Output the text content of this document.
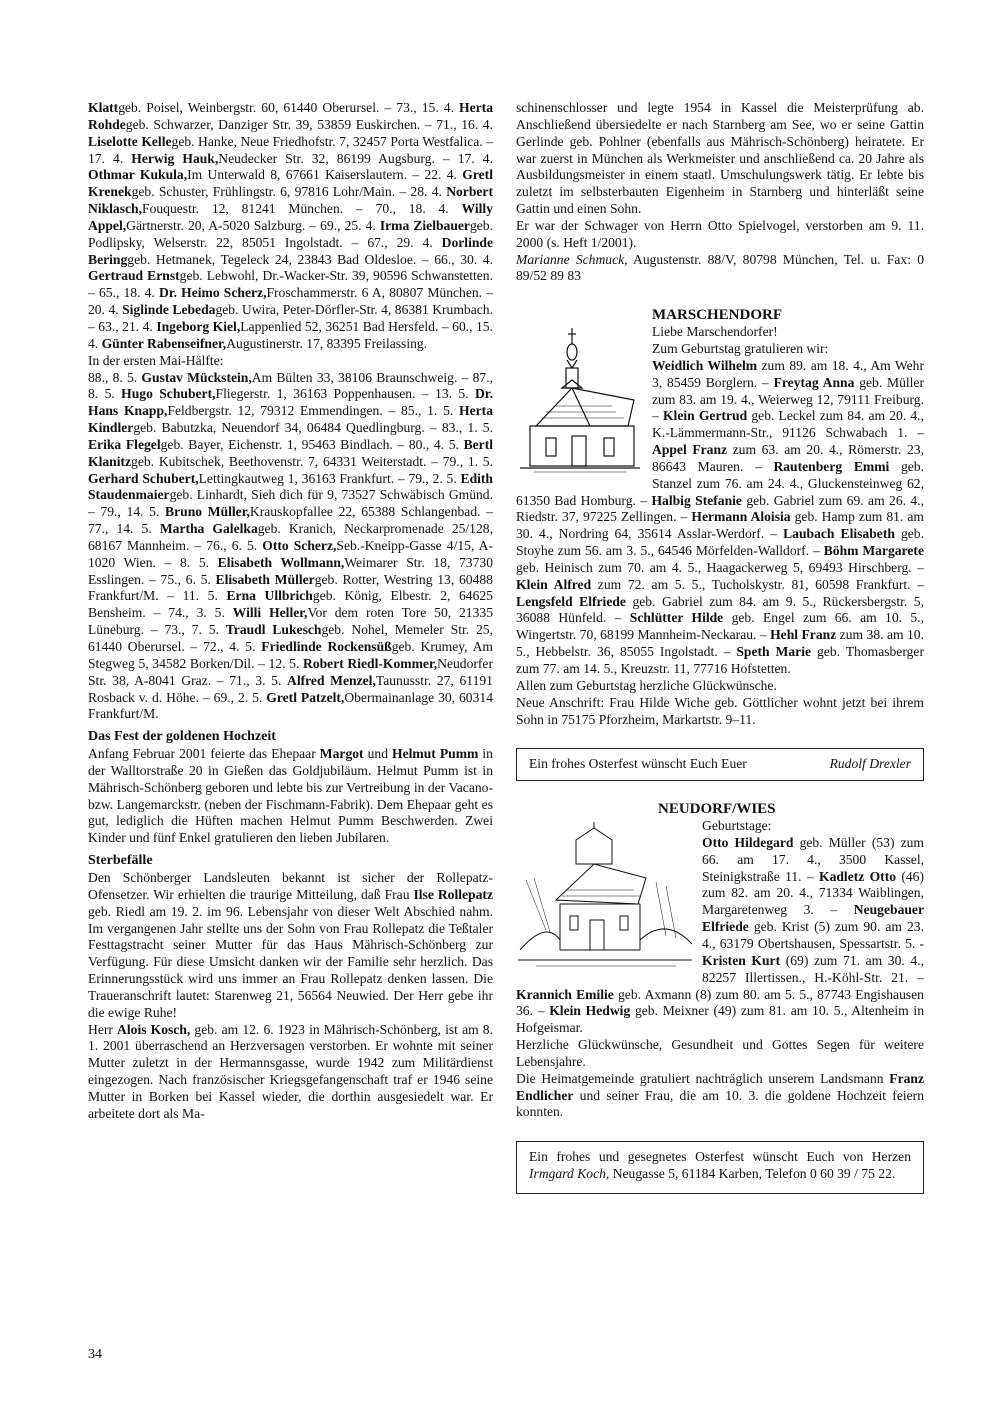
Klattgeb. Poisel, Weinbergstr. 60, 61440 Oberursel. – 73., 15. 4. Herta Rohdegeb. Schwarzer, Danziger Str. 39, 53859 Euskirchen. – 71., 16. 4. Liselotte Kellegeb. Hanke, Neue Friedhofstr. 7, 32457 Porta Westfalica. – 17. 4. Herwig Hauk,Neudecker Str. 32, 86199 Augsburg. – 17. 4. Othmar Kukula,Im Unterwald 8, 67661 Kaiserslautern. – 22. 4. Gretl Krenekgeb. Schuster, Frühlingstr. 6, 97816 Lohr/Main. – 28. 4. Norbert Niklasch,Fouquestr. 12, 81241 München. – 70., 18. 4. Willy Appel,Gärtnerstr. 20, A-5020 Salzburg. – 69., 25. 4. Irma Zielbauergeb. Podlipsky, Welserstr. 22, 85051 Ingolstadt. – 67., 29. 4. Dorlinde Beringgeb. Hetmanek, Tegeleck 24, 23843 Bad Oldesloe. – 66., 30. 4. Gertraud Ernstgeb. Lebwohl, Dr.-Wacker-Str. 39, 90596 Schwanstetten. – 65., 18. 4. Dr. Heimo Scherz,Froschammerstr. 6 A, 80807 München. – 20. 4. Siglinde Lebedageb. Uwira, Peter-Dörfler-Str. 4, 86381 Krumbach. – 63., 21. 4. Ingeborg Kiel,Lappenlied 52, 36251 Bad Hersfeld. – 60., 15. 4. Günter Rabenseifner,Augustinerstr. 17, 83395 Freilassing.

In der ersten Mai-Hälfte:

88., 8. 5. Gustav Mückstein,Am Bülten 33, 38106 Braunschweig. – 87., 8. 5. Hugo Schubert,Fliegerstr. 1, 36163 Poppenhausen. – 13. 5. Dr. Hans Knapp,Feldbergstr. 12, 79312 Emmendingen. – 85., 1. 5. Herta Kindlergeb. Babutzka, Neuendorf 34, 06484 Quedlingburg. – 83., 1. 5. Erika Flegelgeb. Bayer, Eichenstr. 1, 95463 Bindlach. – 80., 4. 5. Bertl Klanitzgeb. Kubitschek, Beethovenstr. 7, 64331 Weiterstadt. – 79., 1. 5. Gerhard Schubert,Lettingkautweg 1, 36163 Frankfurt. – 79., 2. 5. Edith Staudenmaiergeb. Linhardt, Sieh dich für 9, 73527 Schwäbisch Gmünd. – 79., 14. 5. Bruno Müller,Krauskopfallee 22, 65388 Schlangenbad. – 77., 14. 5. Martha Galelkageb. Kranich, Neckarpromenade 25/128, 68167 Mannheim. – 76., 6. 5. Otto Scherz,Seb.-Kneipp-Gasse 4/15, A-1020 Wien. – 8. 5. Elisabeth Wollmann,Weimarer Str. 18, 73730 Esslingen. – 75., 6. 5. Elisabeth Müllergeb. Rotter, Westring 13, 60488 Frankfurt/M. – 11. 5. Erna Ullbrichgeb. König, Elbestr. 2, 64625 Bensheim. – 74., 3. 5. Willi Heller,Vor dem roten Tore 50, 21335 Lüneburg. – 73., 7. 5. Traudl Lukeschgeb. Nohel, Memeler Str. 25, 61440 Oberursel. – 72., 4. 5. Friedlinde Rockensüßgeb. Krumey, Am Stegweg 5, 34582 Borken/Dil. – 12. 5. Robert Riedl-Kommer,Neudorfer Str. 38, A-8041 Graz. – 71., 3. 5. Alfred Menzel,Taunusstr. 27, 61191 Rosback v. d. Höhe. – 69., 2. 5. Gretl Patzelt,Obermainanlage 30, 60314 Frankfurt/M.

Das Fest der goldenen Hochzeit

Anfang Februar 2001 feierte das Ehepaar Margot und Helmut Pumm in der Walltorstraße 20 in Gießen das Goldjubiläum. Helmut Pumm ist in Mährisch-Schönberg geboren und lebte bis zur Vertreibung in der Vacano- bzw. Langemarckstr. (neben der Fischmann-Fabrik). Dem Ehepaar geht es gut, lediglich die Hüften machen Helmut Pumm Beschwerden. Zwei Kinder und fünf Enkel gratulieren den lieben Jubilaren.

Sterbefälle

Den Schönberger Landsleuten bekannt ist sicher der Rollepatz-Ofensetzer. Wir erhielten die traurige Mitteilung, daß Frau Ilse Rollepatz geb. Riedl am 19. 2. im 96. Lebensjahr von dieser Welt Abschied nahm. Im vergangenen Jahr stellte uns der Sohn von Frau Rollepatz die Teßtaler Festtagstracht seiner Mutter für das Haus Mährisch-Schönberg zur Verfügung. Für diese Umsicht danken wir der Familie sehr herzlich. Das Erinnerungsstück wird uns immer an Frau Rollepatz denken lassen. Die Traueranschrift lautet: Starenweg 21, 56564 Neuwied. Der Herr gebe ihr die ewige Ruhe!

Herr Alois Kosch, geb. am 12. 6. 1923 in Mährisch-Schönberg, ist am 8. 1. 2001 überraschend an Herzversagen verstorben. Er wohnte mit seiner Mutter zuletzt in der Hermannsgasse, wurde 1942 zum Militärdienst eingezogen. Nach französischer Kriegsgefangenschaft traf er 1946 seine Mutter in Borken bei Kassel wieder, die dorthin ausgesiedelt war. Er arbeitete dort als Ma-

schinenschlosser und legte 1954 in Kassel die Meisterprüfung ab. Anschließend übersiedelte er nach Starnberg am See, wo er seine Gattin Gerlinde geb. Pohlner (ebenfalls aus Mährisch-Schönberg) heiratete. Er war zuerst in München als Werkmeister und anschließend ca. 20 Jahre als Ausbildungsmeister in einem staatl. Umschulungswerk tätig. Er lebte bis zuletzt im selbsterbauten Eigenheim in Starnberg und hinterläßt seine Gattin und einen Sohn.

Er war der Schwager von Herrn Otto Spielvogel, verstorben am 9. 11. 2000 (s. Heft 1/2001).

Marianne Schmuck, Augustenstr. 88/V, 80798 München, Tel. u. Fax: 0 89/52 89 83

MARSCHENDORF

Liebe Marschendorfer!

Zum Geburtstag gratulieren wir:

Weidlich Wilhelm zum 89. am 18. 4., Am Wehr 3, 85459 Borglern. – Freytag Anna geb. Müller zum 83. am 19. 4., Weierweg 12, 79111 Freiburg. – Klein Gertrud geb. Leckel zum 84. am 20. 4., K.-Lämmermann-Str., 91126 Schwabach 1. – Appel Franz zum 63. am 20. 4., Römerstr. 23, 86643 Mauren. – Rautenberg Emmi geb. Stanzel zum 76. am 24. 4., Gluckensteinweg 62, 61350 Bad Homburg. – Halbig Stefanie geb. Gabriel zum 69. am 26. 4., Riedstr. 37, 97225 Zellingen. – Hermann Aloisia geb. Hamp zum 81. am 30. 4., Nordring 64, 35614 Asslar-Werdorf. – Laubach Elisabeth geb. Stoyhe zum 56. am 3. 5., 64546 Mörfelden-Walldorf. – Böhm Margarete geb. Heinisch zum 70. am 4. 5., Haagackerweg 5, 69493 Hirschberg. – Klein Alfred zum 72. am 5. 5., Tucholskystr. 81, 60598 Frankfurt. – Lengsfeld Elfriede geb. Gabriel zum 84. am 9. 5., Rückersbergstr. 5, 36088 Hünfeld. – Schlütter Hilde geb. Engel zum 66. am 10. 5., Wingertstr. 70, 68199 Mannheim-Neckarau. – Hehl Franz zum 38. am 10. 5., Hebbelstr. 36, 85055 Ingolstadt. – Speth Marie geb. Thomasberger zum 77. am 14. 5., Kreuzstr. 11, 77716 Hofstetten.

Allen zum Geburtstag herzliche Glückwünsche.

Neue Anschrift: Frau Hilde Wiche geb. Göttlicher wohnt jetzt bei ihrem Sohn in 75175 Pforzheim, Markartstr. 9–11.

Ein frohes Osterfest wünscht Euch Euer	Rudolf Drexler

NEUDORF/WIES

Geburtstage:

Otto Hildegard geb. Müller (53) zum 66. am 17. 4., 3500 Kassel, Steinigkstraße 11. – Kadletz Otto (46) zum 82. am 20. 4., 71334 Waiblingen, Margaretenweg 3. – Neugebauer Elfriede geb. Krist (5) zum 90. am 23. 4., 63179 Obertshausen, Spessartstr. 5. - Kristen Kurt (69) zum 71. am 30. 4., 82257 Illertissen., H.-Köhl-Str. 21. – Krannich Emilie geb. Axmann (8) zum 80. am 5. 5., 87743 Engishausen 36. – Klein Hedwig geb. Meixner (49) zum 81. am 10. 5., Altenheim in Hofgeismar.

Herzliche Glückwünsche, Gesundheit und Gottes Segen für weitere Lebensjahre.

Die Heimatgemeinde gratuliert nachträglich unserem Landsmann Franz Endlicher und seiner Frau, die am 10. 3. die goldene Hochzeit feiern konnten.

Ein frohes und gesegnetes Osterfest wünscht Euch von Herzen Irmgard Koch, Neugasse 5, 61184 Karben, Telefon 0 60 39 / 75 22.
34
